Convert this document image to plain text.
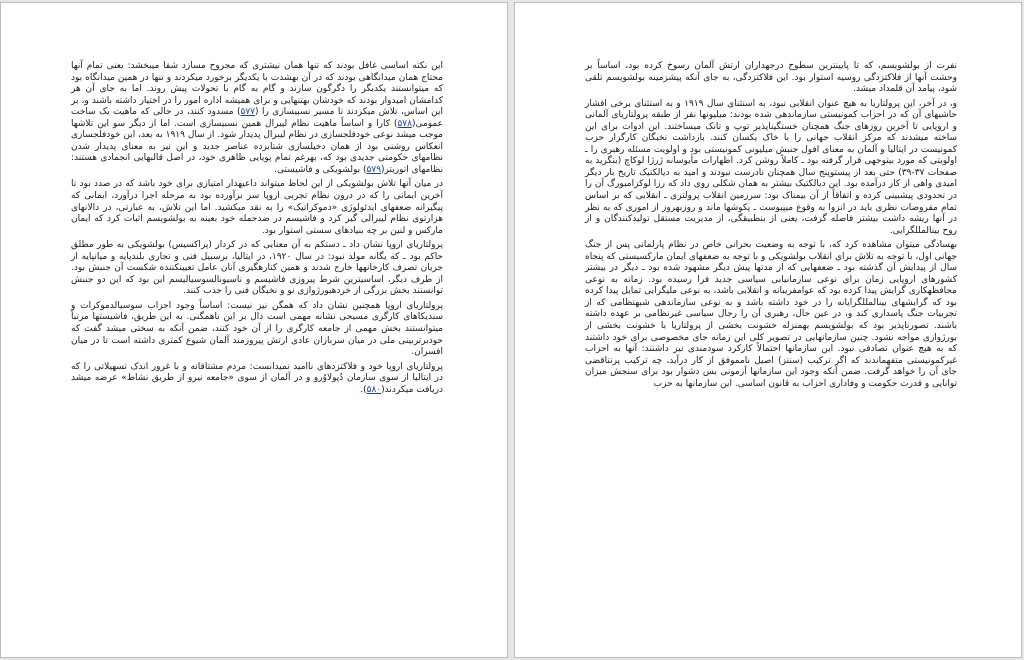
این نکته اساسی غافل بودند که تنها همان نیشتری که مجروح مسازد شفا میبخشد: یعنی تمام آنها محتاج همان میدانگاهی بودند که در آن بهشدت با یکدیگر برخورد میکردند و تنها در همین میدانگاه بود که میتوانستند یکدیگر را دگرگون سازند و گام به گام با تحولات پیش روند. اما به جای آن هر کدامشان امیدوار بودند که خودشان بهتنهایی و برای همیشه اداره امور را در اختیار داشته باشند و، بر این اساس، تلاش میکردند تا مسیر نسبیسازی را (۵۷۷) مسدود کنند، در حالی که ماهیت یک ساخت عمومی(۵۷۸) کارا و اساساً ماهیت نظام لیبرال همین نسبیسازی است. اما از دیگر سو این تلاشها موجب میشد نوعی خودفلجسازی در نظام لیبرال پدیدار شود. از سال ۱۹۱۹ به بعد، این خودفلجسازی انعکاس روشنی بود از همان دخیلسازی شتابزده عناصر جدید و این نیز به معنای پدیدار شدن نظامهای حکومتی جدیدی بود که، بهرغم تمام پویایی ظاهری خود، در اصل قالبهایی انجمادی هستند: نظامهای اتوریتر(۵۷۹) بولشویکی و فاشیستی.

در میان آنها تلاش بولشویکی از این لحاظ میتواند داعیهدار امتیازی برای خود باشد که در صدد بود تا آخرین ایمانی را که در درون نظام تجربی اروپا سر برآورده بود به مرحله اجرا درآورد، ایمانی که پیگیرانه ضعفهای ایدئولوژی «دموکراتیک» را به نقد میکشید. اما این تلاش، به عبارتی، در دالانهای هزارتوی نظام لیبرالی گیر کرد و فاشیسم در ضدحمله خود بعینه به بولشویسم اثبات کرد که ایمان مارکس و لنین بر چه بنیادهای سستی استوار بود.

پرولتاریای اروپا نشان داد ـ دستکم به آن معنایی که در کردار (پراکسیس) بولشویکی به طور مطلق حاکم بود ـ که یگانه مولد نبود: در سال ۱۹۲۰، در ایتالیا، برسبیل فنی و تجاری بلندپایه و میانپایه از جریان تصرف کارخانهها خارج شدند و همین کنارهگیری آنان عامل تعیینکننده شکست آن جنبش بود. از طرف دیگر، اساسیترین شرط پیروزی فاشیسم و ناسیونالسوسیالیسم این بود که این دو جنبش توانستند بخش بزرگی از خردهبورژوازی نو و نخبگان فنی را جذب کنند.

پرولتاریای اروپا همچنین نشان داد که همگن نیز نیست: اساساً وجود احزاب سوسیالدموکرات و سندیکاهای کارگری مسیحی نشانه مهمی است دال بر این ناهمگنی. به این طریق، فاشیستها مرتباً میتوانستند بخش مهمی از جامعه کارگری را از آن خود کنند، ضمن آنکه به سختی میشد گفت که خودبرتربینی ملی در میان سربازان عادی ارتش پیروزمند آلمان شیوع کمتری داشته است تا در میان افسران.

پرولتاریای اروپا خود و فلاکتزدهای ناامید نمیدانست: مردم مشتاقانه و با غرور اندک تسهیلاتی را که در ایتالیا از سوی سازمان دُپولاوُرو و در آلمان از سوی «جامعه نیرو از طریق نشاط» عرضه میشد دریافت میکردند(۵۸۰).

نفرت از بولشویسم، که تا پایینترین سطوح درجهداران ارتش آلمان رسوخ کرده بود، اساساً بر وحشت آنها از فلاکتزدگی روسیه استوار بود. این فلاکتزدگی، به جای آنکه پیشزمینه بولشویسم تلقی شود، پیامد آن قلمداد میشد.

و، در آخر، این پرولتاریا به هیچ عنوان انقلابی نبود، به استثنای سال ۱۹۱۹ و به استثنای برخی اقشار حاشیهای آن که در احزاب کمونیستی سازماندهی شده بودند: میلیونها نفر از طبقه پرولتاریای آلمانی و اروپایی تا آخرین روزهای جنگ همچنان خستگیناپذیر توپ و تانک میساختند. این ادوات برای این ساخته میشدند که مرکز انقلاب جهانی را با خاک یکسان کنند. بازداشت نخبگان کارگزار حزب کمونیست در ایتالیا و آلمان به معنای افول جنبش میلیونی کمونیستی بود و اولویت مسئله رهبری را ـ اولویتی که مورد بیتوجهی قرار گرفته بود ـ کاملاً روشن کرد. اظهارات مأیوسانه ژرژا لوکاچ (بنگرید به صفحات ۳۷-۳۹) حتی بعد از پیستوپنج سال همچنان نادرست نبودند و امید به دیالکتیک تاریخ بار دیگر امیدی واهی از کار درآمده بود. این دیالکتیک بیشتر به همان شکلی روی داد که رزا لوکزامبورگ آن را در تحدودی پیشبینی کرده و اتفاقاً از آن بیمناک بود: سرزمین انقلاب پرولتری ـ انقلابی که بر اساس تمام مفروضات نظری باید در انزوا به وقوع میپیوست ـ پکوشها ماند و روزبهروز از اموری که به نظر در آنها ریشه داشت بیشتر فاصله گرفت، یعنی از بنطبیقگی، از مدیریت مستقل تولیدکنندگان و از روح بینالمللگرایی.

بهسادگی میتوان مشاهده کرد که، با توجه به وضعیت بحرانی خاص در نظام پارلمانی پس از جنگ جهانی اول، با توجه به تلاش برای انقلاب بولشویکی و با توجه به ضعفهای ایمان مارکسیستی که پنجاه سال از پیدایش آن گذشته بود ـ ضعفهایی که از مدتها پیش دیگر مشهود شده بود ـ دیگر در بیشتر کشورهای اروپایی زمان برای نوعی سازمانیابی سیاسی جدید فرا رسیده بود. زمانه به نوعی محافظهکاری گرایش پیدا کرده بود که عوامفریبانه و انقلابی باشد، به نوعی ملیگرایی تمایل پیدا کرده بود که گرایشهای بینالمللگرایانه را در خود داشته باشد و به نوعی سازماندهی شبهنظامی که از تجربیات جنگ پاسداری کند و، در عین حال، رهبری آن را رجال سیاسی غیرنظامی بر عهده داشته باشند. تصورناپذیر بود که بولشویسم بهمنزله خشونت بخشی از پرولتاریا با خشونت بخشی از بورژوازی مواجه نشود. چنین سازمانهایی در تصویر کلی این زمانه جای مخصوصی برای خود داشتند که به هیچ عنوان تصادفی نبود. این سازمانها احتمالاً کارکرد سودمندی نیز داشتند: آنها به احزاب غیرکمونیستی متفهماندند که اگر ترکیب (سنتز) اصیل نامموفق از کار درآید، چه ترکیب پرتناقضی جای آن را خواهد گرفت. ضمن آنکه وجود این سازمانها آزمونی بس دشوار بود برای سنجش میزان توانایی و قدرت حکومت و وفاداری احزاب به قانون اساسی. این سازمانها به حزب
